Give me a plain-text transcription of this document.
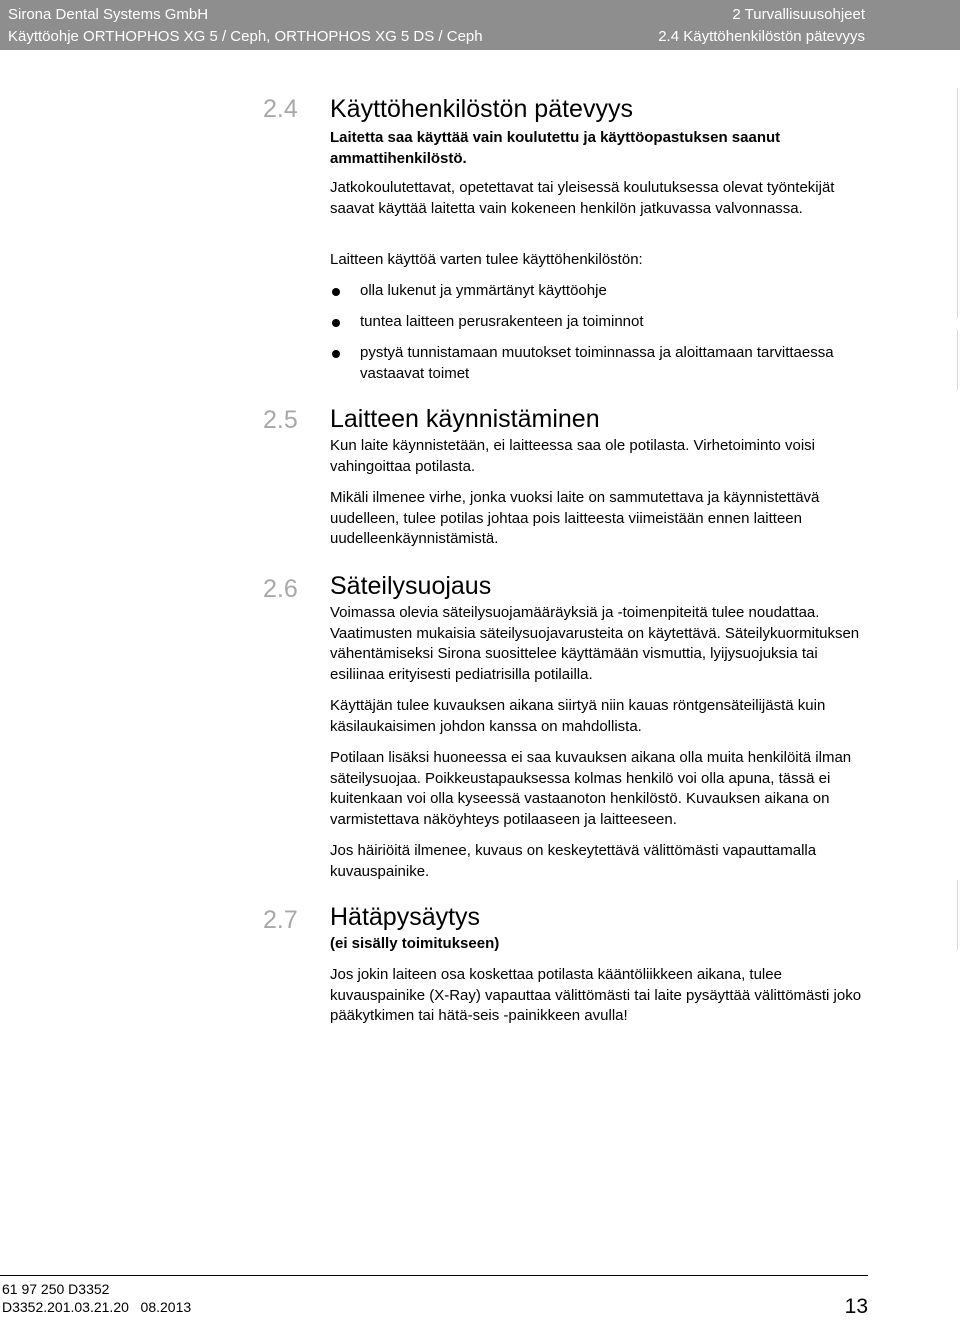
Sirona Dental Systems GmbH
Käyttöohje ORTHOPHOS XG 5 / Ceph, ORTHOPHOS XG 5 DS / Ceph
2 Turvallisuusohjeet
2.4 Käyttöhenkilöstön pätevyys
2.4 Käyttöhenkilöstön pätevyys
Laitetta saa käyttää vain koulutettu ja käyttöopastuksen saanut ammattihenkilöstö.
Jatkokoulutettavat, opetettavat tai yleisessä koulutuksessa olevat työntekijät saavat käyttää laitetta vain kokeneen henkilön jatkuvassa valvonnassa.
Laitteen käyttöä varten tulee käyttöhenkilöstön:
olla lukenut ja ymmärtänyt käyttöohje
tuntea laitteen perusrakenteen ja toiminnot
pystyä tunnistamaan muutokset toiminnassa ja aloittamaan tarvittaessa vastaavat toimet
2.5 Laitteen käynnistäminen
Kun laite käynnistetään, ei laitteessa saa ole potilasta. Virhetoiminto voisi vahingoittaa potilasta.
Mikäli ilmenee virhe, jonka vuoksi laite on sammutettava ja käynnistettävä uudelleen, tulee potilas johtaa pois laitteesta viimeistään ennen laitteen uudelleenkäynnistämistä.
2.6 Säteilysuojaus
Voimassa olevia säteilysuojamääräyksiä ja -toimenpiteitä tulee noudattaa. Vaatimusten mukaisia säteilysuojavarusteita on käytettävä. Säteilykuormituksen vähentämiseksi Sirona suosittelee käyttämään vismuttia, lyijysuojuksia tai esiliinaa erityisesti pediatrisilla potilailla.
Käyttäjän tulee kuvauksen aikana siirtyä niin kauas röntgensäteilijästä kuin käsilaukaisimen johdon kanssa on mahdollista.
Potilaan lisäksi huoneessa ei saa kuvauksen aikana olla muita henkilöitä ilman säteilysuojaa. Poikkeustapauksessa kolmas henkilö voi olla apuna, tässä ei kuitenkaan voi olla kyseessä vastaanoton henkilöstö. Kuvauksen aikana on varmistettava näköyhteys potilaaseen ja laitteeseen.
Jos häiriöitä ilmenee, kuvaus on keskeytettävä välittömästi vapauttamalla kuvauspainike.
2.7 Hätäpysäytys
(ei sisälly toimitukseen)
Jos jokin laiteen osa koskettaa potilasta kääntöliikkeen aikana, tulee kuvauspainike (X-Ray) vapauttaa välittömästi tai laite pysäyttää välittömästi joko pääkytkimen tai hätä-seis -painikkeen avulla!
61 97 250 D3352
D3352.201.03.21.20   08.2013	13
